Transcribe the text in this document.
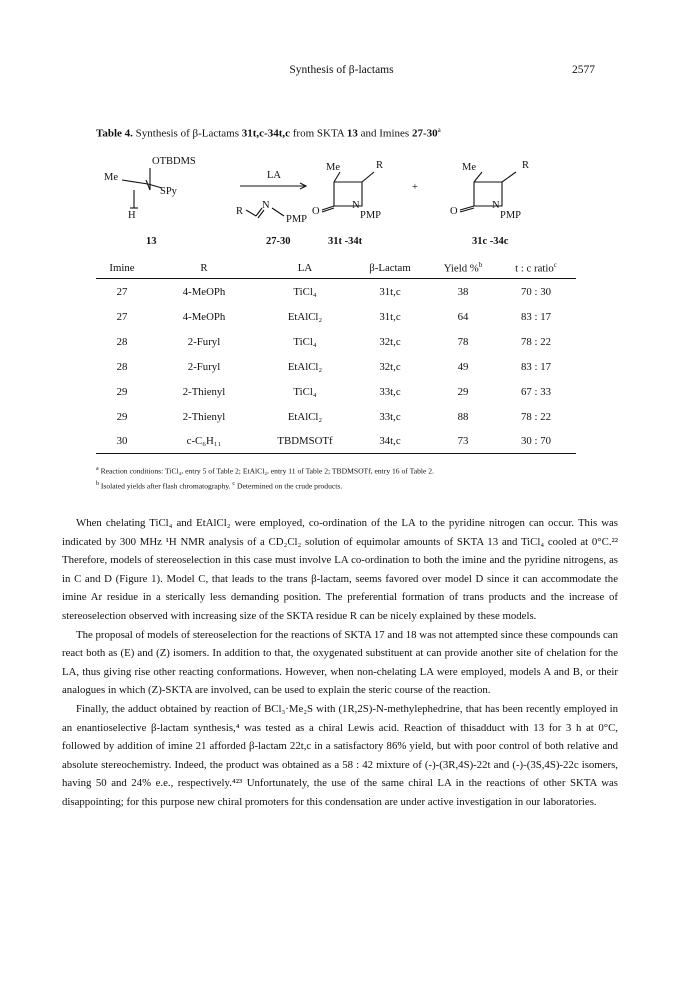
Synthesis of β-lactams	2577
Table 4. Synthesis of β-Lactams 31t,c-34t,c from SKTA 13 and Imines 27-30$^a$
OTBDMS
Me
SPy
H
LA
R
N
PMP
Me	R
O
N
PMP
+
Me	R
O
N
PMP
13	27-30	31t -34t	31c -34c
Imine	R	LA	β-Lactam	Yield %$^b$	t : c ratio$^c$
27	4-MeOPh	TiCl₄	31t,c	38	70 : 30
27	4-MeOPh	EtAlCl₂	31t,c	64	83 : 17
28	2-Furyl	TiCl₄	32t,c	78	78 : 22
28	2-Furyl	EtAlCl₂	32t,c	49	83 : 17
29	2-Thienyl	TiCl₄	33t,c	29	67 : 33
29	2-Thienyl	EtAlCl₂	33t,c	88	78 : 22
30	c-C₆H₁₁	TBDMSOTf	34t,c	73	30 : 70
$^a$ Reaction conditions: TiCl₄, entry 5 of Table 2; EtAlCl₂, entry 11 of Table 2; TBDMSOTf, entry 16 of Table 2.
$^b$ Isolated yields after flash chromatography. $^c$ Determined on the crude products.

When chelating TiCl₄ and EtAlCl₂ were employed, co-ordination of the LA to the pyridine nitrogen can occur. This was indicated by 300 MHz ¹H NMR analysis of a CD₂Cl₂ solution of equimolar amounts of SKTA 13 and TiCl₄ cooled at 0°C.²² Therefore, models of stereoselection in this case must involve LA co-ordination to both the imine and the pyridine nitrogens, as in C and D (Figure 1). Model C, that leads to the trans β-lactam, seems favored over model D since it can accommodate the imine Ar residue in a sterically less demanding position. The preferential formation of trans products and the increase of stereoselection observed with increasing size of the SKTA residue R can be nicely explained by these models.

The proposal of models of stereoselection for the reactions of SKTA 17 and 18 was not attempted since these compounds can react both as (E) and (Z) isomers. In addition to that, the oxygenated substituent at can provide another site of chelation for the LA, thus giving rise other reacting conformations. However, when non-chelating LA were employed, models A and B, or their analogues in which (Z)-SKTA are involved, can be used to explain the steric course of the reaction.

Finally, the adduct obtained by reaction of BCl₃·Me₂S with (1R,2S)-N-methylephedrine, that has been recently employed in an enantioselective β-lactam synthesis,⁴ was tested as a chiral Lewis acid. Reaction of thisadduct with 13 for 3 h at 0°C, followed by addition of imine 21 afforded β-lactam 22t,c in a satisfactory 86% yield, but with poor control of both relative and absolute stereochemistry. Indeed, the product was obtained as a 58 : 42 mixture of (-)-(3R,4S)-22t and (-)-(3S,4S)-22c isomers, having 50 and 24% e.e., respectively.⁴²³ Unfortunately, the use of the same chiral LA in the reactions of other SKTA was disappointing; for this purpose new chiral promoters for this condensation are under active investigation in our laboratories.
